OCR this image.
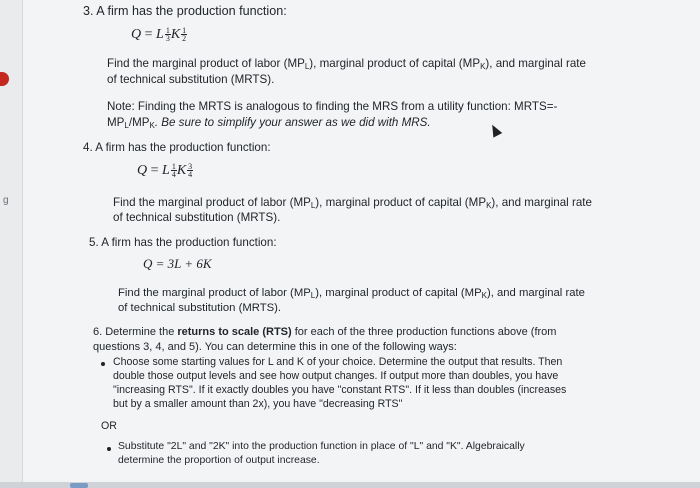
g
3. A firm has the production function:
Q = L $\frac{1}{3}$ K $\frac{1}{2}$
Find the marginal product of labor $(MP_L)$, marginal product of capital $(MP_K)$, and marginal rate
of technical substitution (MRTS).
Note: Finding the MRTS is analogous to finding the MRS from a utility function: MRTS=-
$MP_L/MP_K$. Be sure to simplify your answer as we did with MRS.
4. A firm has the production function:
Q = L $\frac{1}{4}$ K $\frac{3}{4}$
Find the marginal product of labor $(MP_L)$, marginal product of capital $(MP_K)$, and marginal rate
of technical substitution (MRTS).
5. A firm has the production function:
Q = 3L + 6K
Find the marginal product of labor $(MP_L)$, marginal product of capital $(MP_K)$, and marginal rate
of technical substitution (MRTS).
6. Determine the returns to scale (RTS) for each of the three production functions above (from
questions 3, 4, and 5). You can determine this in one of the following ways:
Choose some starting values for L and K of your choice. Determine the output that results. Then
double those output levels and see how output changes. If output more than doubles, you have
"increasing RTS". If it exactly doubles you have "constant RTS". If it less than doubles (increases
but by a smaller amount than 2x), you have "decreasing RTS"
OR
Substitute "2L" and "2K" into the production function in place of "L" and "K". Algebraically
determine the proportion of output increase.
